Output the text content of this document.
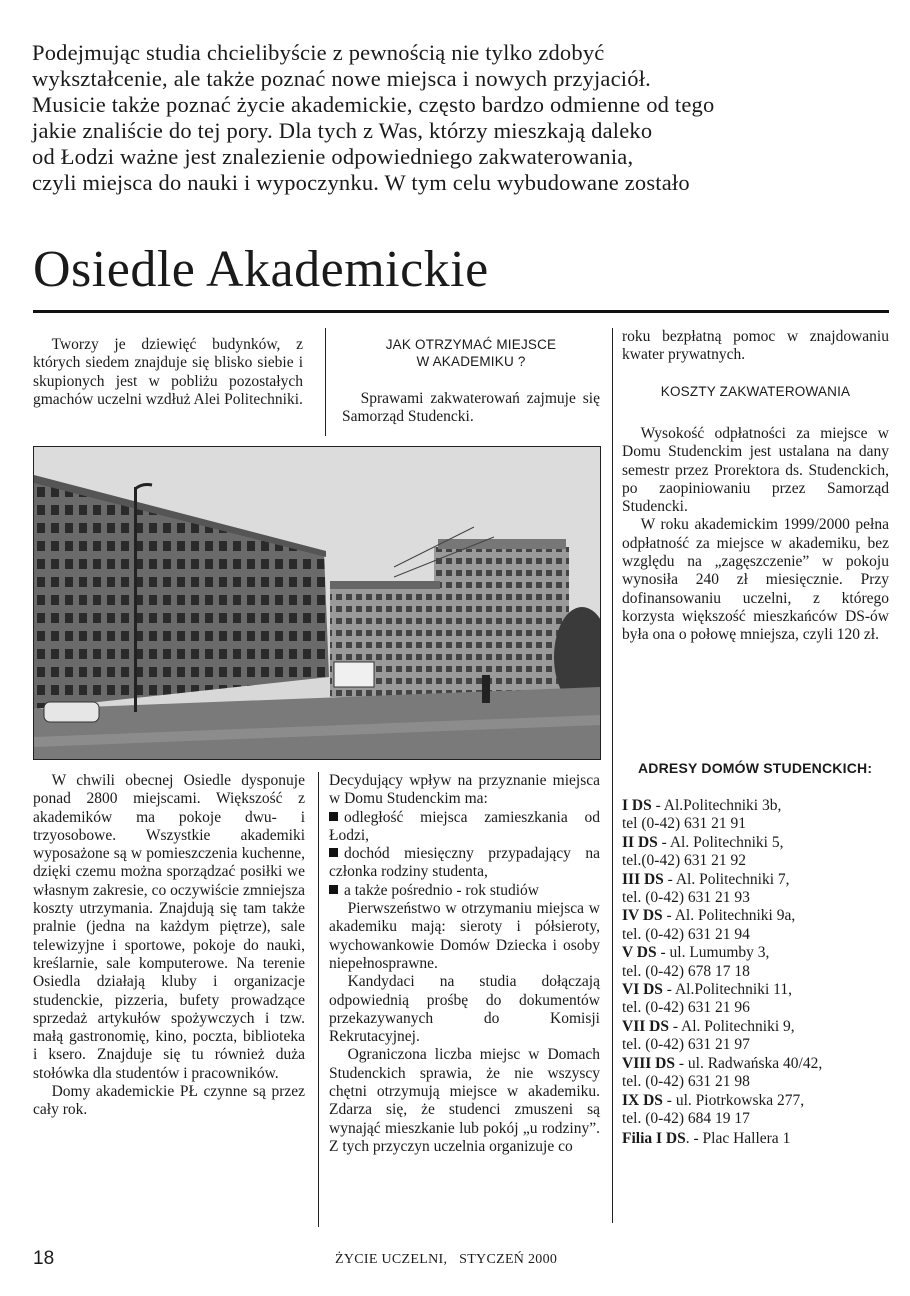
Podejmując studia chcielibyście z pewnością nie tylko zdobyć
wykształcenie, ale także poznać nowe miejsca i nowych przyjaciół.
Musicie także poznać życie akademickie, często bardzo odmienne od tego
jakie znaliście do tej pory. Dla tych z Was, którzy mieszkają daleko
od Łodzi ważne jest znalezienie odpowiedniego zakwaterowania,
czyli miejsca do nauki i wypoczynku. W tym celu wybudowane zostało
Osiedle Akademickie

Tworzy je dziewięć budynków, z których siedem znajduje się blisko siebie i skupionych jest w pobliżu pozostałych gmachów uczelni wzdłuż Alei Politechniki.

JAK OTRZYMAĆ MIEJSCE
W AKADEMIKU ?

Sprawami zakwaterowań zajmuje się Samorząd Studencki.

roku bezpłatną pomoc w znajdowaniu kwater prywatnych.

KOSZTY ZAKWATEROWANIA

Wysokość odpłatności za miejsce w Domu Studenckim jest ustalana na dany semestr przez Prorektora ds. Studenckich, po zaopiniowaniu przez Samorząd Studencki.

W roku akademickim 1999/2000 pełna odpłatność za miejsce w akademiku, bez względu na „zagęszczenie” w pokoju wynosiła 240 zł miesięcznie. Przy dofinansowaniu uczelni, z którego korzysta większość mieszkańców DS-ów była ona o połowę mniejsza, czyli 120 zł.

ADRESY DOMÓW STUDENCKICH:
I DS - Al.Politechniki 3b,
tel (0-42) 631 21 91
II DS - Al. Politechniki 5,
tel.(0-42) 631 21 92
III DS - Al. Politechniki 7,
tel. (0-42) 631 21 93
IV DS - Al. Politechniki 9a,
tel. (0-42) 631 21 94
V DS - ul. Lumumby 3,
tel. (0-42) 678 17 18
VI DS - Al.Politechniki 11,
tel. (0-42) 631 21 96
VII DS - Al. Politechniki 9,
tel. (0-42) 631 21 97
VIII DS - ul. Radwańska 40/42,
tel. (0-42) 631 21 98
IX DS - ul. Piotrkowska 277,
tel. (0-42) 684 19 17
Filia I DS. - Plac Hallera 1

W chwili obecnej Osiedle dysponuje ponad 2800 miejscami. Większość z akademików ma pokoje dwu- i trzyosobowe. Wszystkie akademiki wyposażone są w pomieszczenia kuchenne, dzięki czemu można sporządzać posiłki we własnym zakresie, co oczywiście zmniejsza koszty utrzymania. Znajdują się tam także pralnie (jedna na każdym piętrze), sale telewizyjne i sportowe, pokoje do nauki, kreślarnie, sale komputerowe. Na terenie Osiedla działają kluby i organizacje studenckie, pizzeria, bufety prowadzące sprzedaż artykułów spożywczych i tzw. małą gastronomię, kino, poczta, biblioteka i ksero. Znajduje się tu również duża stołówka dla studentów i pracowników.

Domy akademickie PŁ czynne są przez cały rok.

Decydujący wpływ na przyznanie miejsca w Domu Studenckim ma:

odległość miejsca zamieszkania od Łodzi,

dochód miesięczny przypadający na członka rodziny studenta,

a także pośrednio - rok studiów

Pierwszeństwo w otrzymaniu miejsca w akademiku mają: sieroty i półsieroty, wychowankowie Domów Dziecka i osoby niepełnosprawne.

Kandydaci na studia dołączają odpowiednią prośbę do dokumentów przekazywanych do Komisji Rekrutacyjnej.

Ograniczona liczba miejsc w Domach Studenckich sprawia, że nie wszyscy chętni otrzymują miejsce w akademiku. Zdarza się, że studenci zmuszeni są wynająć mieszkanie lub pokój „u rodziny”. Z tych przyczyn uczelnia organizuje co

18	ŻYCIE UCZELNI, STYCZEŃ 2000
